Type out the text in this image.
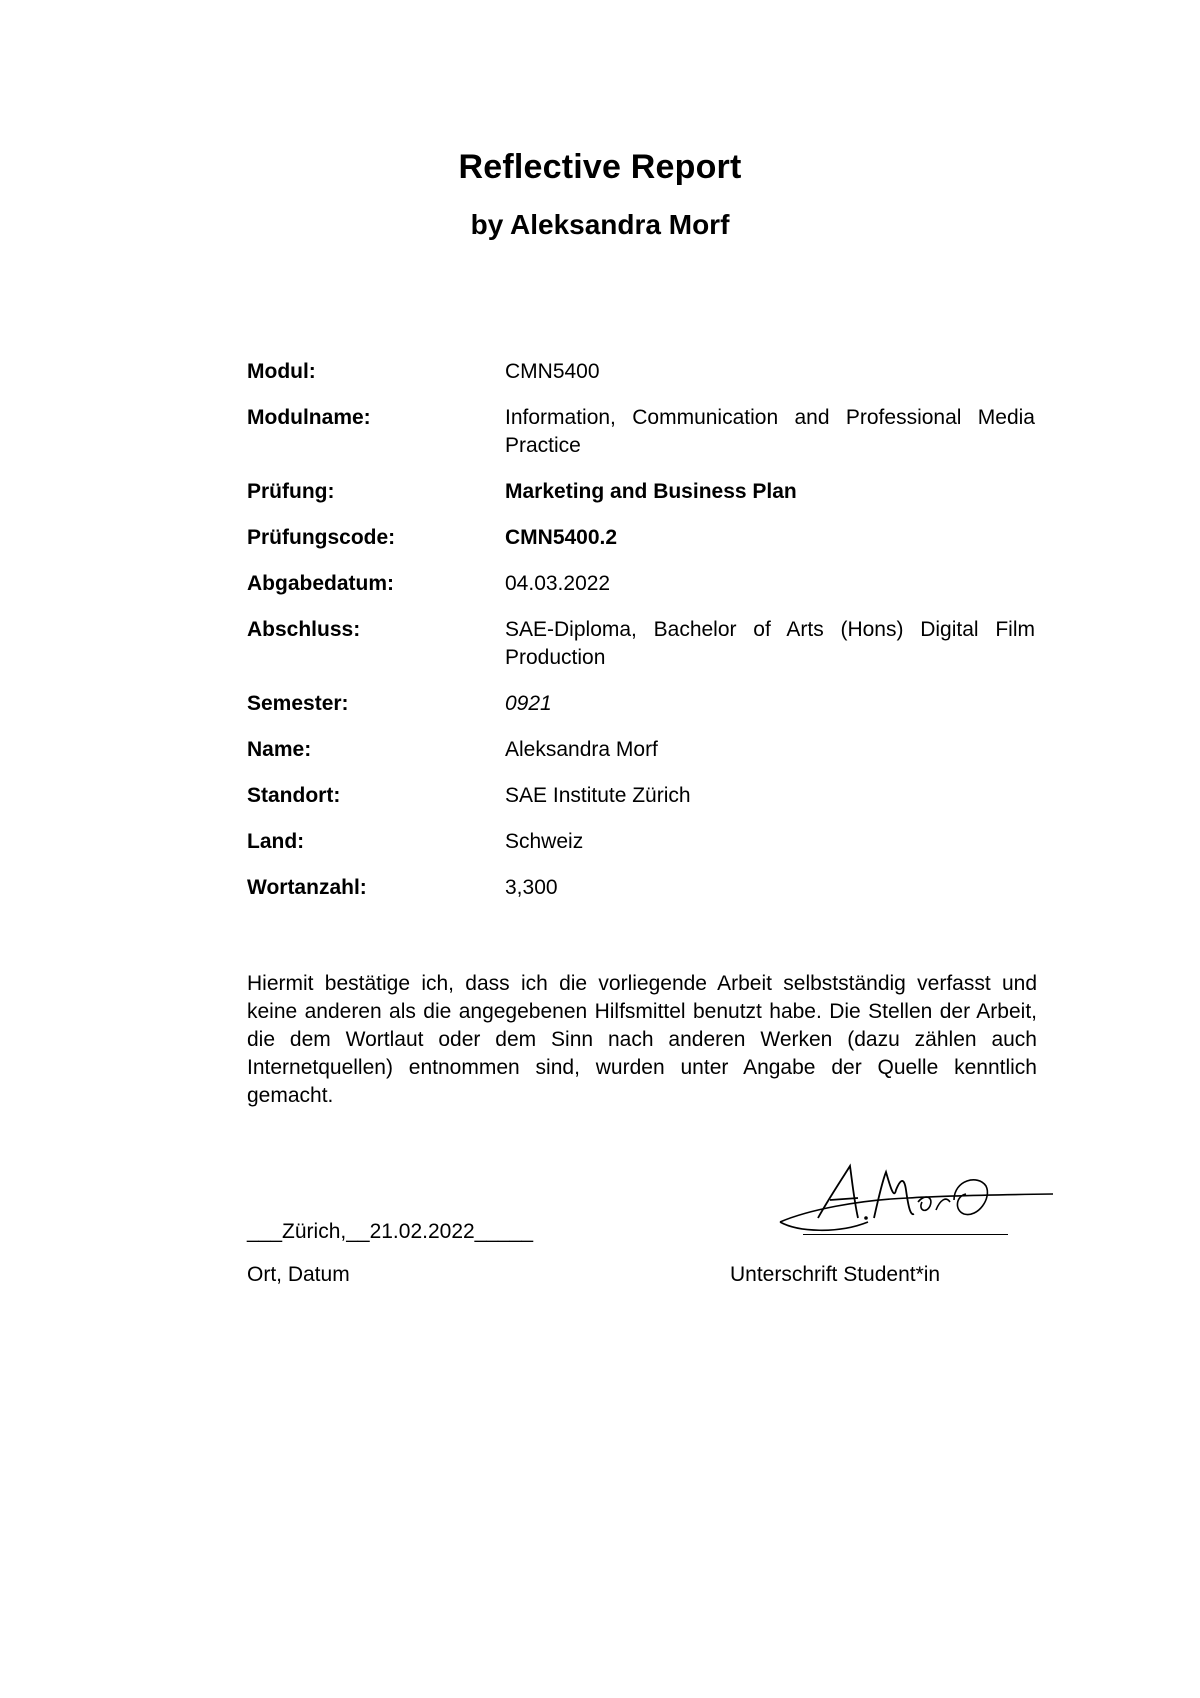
Reflective Report
by Aleksandra Morf
Modul:	CMN5400
Modulname:	Information, Communication and Professional Media Practice
Prüfung:	Marketing and Business Plan
Prüfungscode:	CMN5400.2
Abgabedatum:	04.03.2022
Abschluss:	SAE-Diploma, Bachelor of Arts (Hons) Digital Film Production
Semester:	0921
Name:	Aleksandra Morf
Standort:	SAE Institute Zürich
Land:	Schweiz
Wortanzahl:	3,300
Hiermit bestätige ich, dass ich die vorliegende Arbeit selbstständig verfasst und keine anderen als die angegebenen Hilfsmittel benutzt habe. Die Stellen der Arbeit, die dem Wortlaut oder dem Sinn nach anderen Werken (dazu zählen auch Internetquellen) entnommen sind, wurden unter Angabe der Quelle kenntlich gemacht.
___Zürich,__21.02.2022_____
Ort, Datum	Unterschrift Student*in
